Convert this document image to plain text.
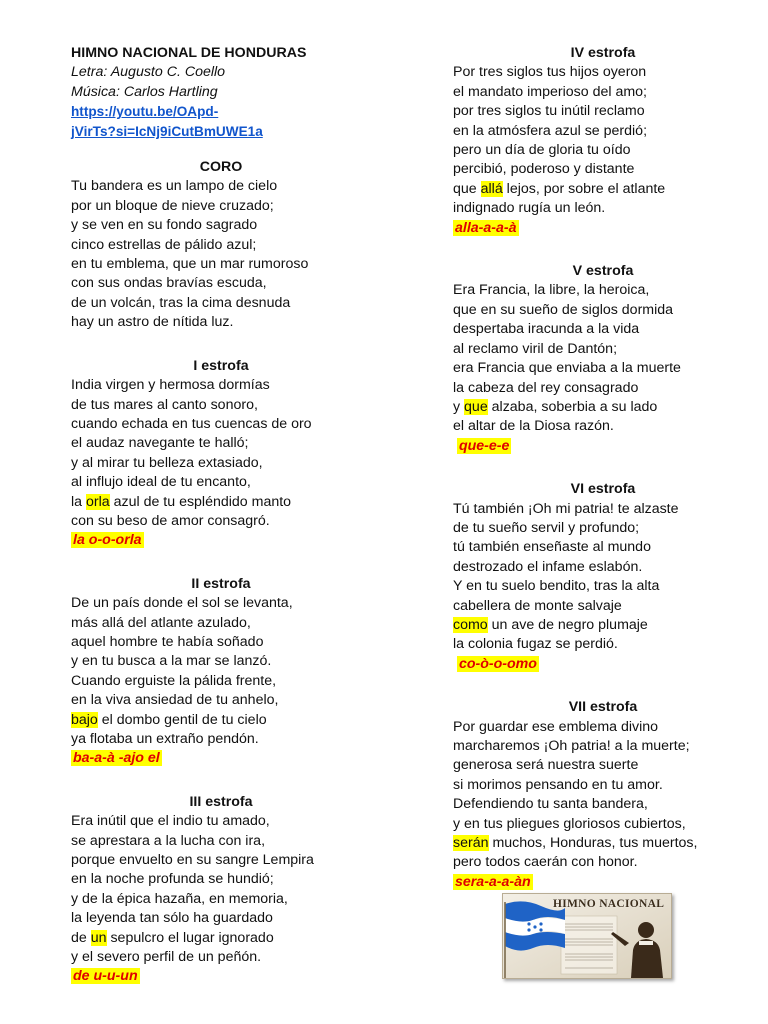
HIMNO NACIONAL DE HONDURAS
Letra: Augusto C. Coello
Música: Carlos Hartling
https://youtu.be/OApd-
jVirTs?si=IcNj9iCutBmUWE1a
CORO
Tu bandera es un lampo de cielo
por un bloque de nieve cruzado;
y se ven en su fondo sagrado
cinco estrellas de pálido azul;
en tu emblema, que un mar rumoroso
con sus ondas bravías escuda,
de un volcán, tras la cima desnuda
hay un astro de nítida luz.
I estrofa
India virgen y hermosa dormías
de tus mares al canto sonoro,
cuando echada en tus cuencas de oro
el audaz navegante te halló;
y al mirar tu belleza extasiado,
al influjo ideal de tu encanto,
la orla azul de tu espléndido manto
con su beso de amor consagró.
la o-o-orla
II estrofa
De un país donde el sol se levanta,
más allá del atlante azulado,
aquel hombre te había soñado
y en tu busca a la mar se lanzó.
Cuando erguiste la pálida frente,
en la viva ansiedad de tu anhelo,
bajo el dombo gentil de tu cielo
ya flotaba un extraño pendón.
ba-a-à -ajo el
III estrofa
Era inútil que el indio tu amado,
se aprestara a la lucha con ira,
porque envuelto en su sangre Lempira
en la noche profunda se hundió;
y de la épica hazaña, en memoria,
la leyenda tan sólo ha guardado
de un sepulcro el lugar ignorado
y el severo perfil de un peñón.
de u-u-un
IV estrofa
Por tres siglos tus hijos oyeron
el mandato imperioso del amo;
por tres siglos tu inútil reclamo
en la atmósfera azul se perdió;
pero un día de gloria tu oído
percibió, poderoso y distante
que allá lejos, por sobre el atlante
indignado rugía un león.
alla-a-a-à
V estrofa
Era Francia, la libre, la heroica,
que en su sueño de siglos dormida
despertaba iracunda a la vida
al reclamo viril de Dantón;
era Francia que enviaba a la muerte
la cabeza del rey consagrado
y que alzaba, soberbia a su lado
el altar de la Diosa razón.
que-e-e
VI estrofa
Tú también ¡Oh mi patria! te alzaste
de tu sueño servil y profundo;
tú también enseñaste al mundo
destrozado el infame eslabón.
Y en tu suelo bendito, tras la alta
cabellera de monte salvaje
como un ave de negro plumaje
la colonia fugaz se perdió.
co-ò-o-omo
VII estrofa
Por guardar ese emblema divino
marcharemos ¡Oh patria! a la muerte;
generosa será nuestra suerte
si morimos pensando en tu amor.
Defendiendo tu santa bandera,
y en tus pliegues gloriosos cubiertos,
serán muchos, Honduras, tus muertos,
pero todos caerán con honor.
sera-a-a-àn
HIMNO NACIONAL
